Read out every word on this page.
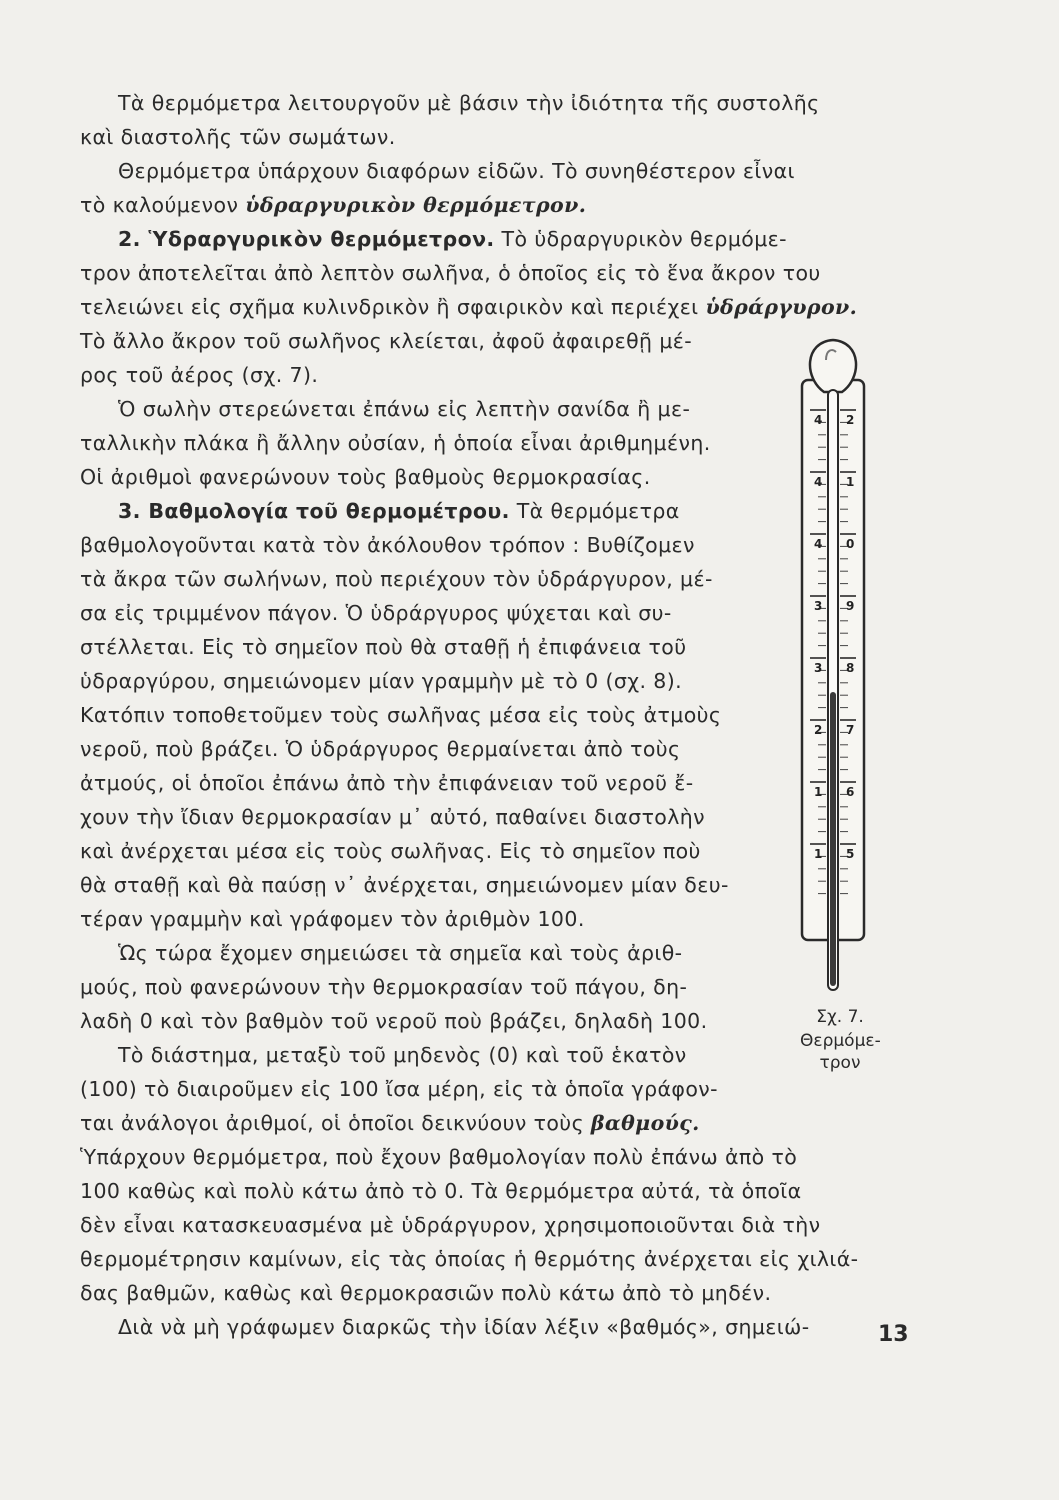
Τὰ θερμόμετρα λειτουργοῦν μὲ βάσιν τὴν ἰδιότητα τῆς συστολῆς
καὶ διαστολῆς τῶν σωμάτων.
Θερμόμετρα ὑπάρχουν διαφόρων εἰδῶν. Τὸ συνηθέστερον εἶναι
τὸ καλούμενον ὑδραργυρικὸν θερμόμετρον.
2. Ὑδραργυρικὸν θερμόμετρον. Τὸ ὑδραργυρικὸν θερμόμε-
τρον ἀποτελεῖται ἀπὸ λεπτὸν σωλῆνα, ὁ ὁποῖος εἰς τὸ ἕνα ἄκρον του
τελειώνει εἰς σχῆμα κυλινδρικὸν ἢ σφαιρικὸν καὶ περιέχει ὑδράργυρον.
Τὸ ἄλλο ἄκρον τοῦ σωλῆνος κλείεται, ἀφοῦ ἀφαιρεθῇ μέ-
ρος τοῦ ἀέρος (σχ. 7).
Ὁ σωλὴν στερεώνεται ἐπάνω εἰς λεπτὴν σανίδα ἢ με-
ταλλικὴν πλάκα ἢ ἄλλην οὐσίαν, ἡ ὁποία εἶναι ἀριθμημένη.
Οἱ ἀριθμοὶ φανερώνουν τοὺς βαθμοὺς θερμοκρασίας.
3. Βαθμολογία τοῦ θερμομέτρου. Τὰ θερμόμετρα
βαθμολογοῦνται κατὰ τὸν ἀκόλουθον τρόπον : Βυθίζομεν
τὰ ἄκρα τῶν σωλήνων, ποὺ περιέχουν τὸν ὑδράργυρον, μέ-
σα εἰς τριμμένον πάγον. Ὁ ὑδράργυρος ψύχεται καὶ συ-
στέλλεται. Εἰς τὸ σημεῖον ποὺ θὰ σταθῇ ἡ ἐπιφάνεια τοῦ
ὑδραργύρου, σημειώνομεν μίαν γραμμὴν μὲ τὸ 0 (σχ. 8).
Κατόπιν τοποθετοῦμεν τοὺς σωλῆνας μέσα εἰς τοὺς ἀτμοὺς
νεροῦ, ποὺ βράζει. Ὁ ὑδράργυρος θερμαίνεται ἀπὸ τοὺς
ἀτμούς, οἱ ὁποῖοι ἐπάνω ἀπὸ τὴν ἐπιφάνειαν τοῦ νεροῦ ἔ-
χουν τὴν ἴδιαν θερμοκρασίαν μ᾽ αὐτό, παθαίνει διαστολὴν
καὶ ἀνέρχεται μέσα εἰς τοὺς σωλῆνας. Εἰς τὸ σημεῖον ποὺ
θὰ σταθῇ καὶ θὰ παύσῃ ν᾽ ἀνέρχεται, σημειώνομεν μίαν δευ-
τέραν γραμμὴν καὶ γράφομεν τὸν ἀριθμὸν 100.
Ὡς τώρα ἔχομεν σημειώσει τὰ σημεῖα καὶ τοὺς ἀριθ-
μούς, ποὺ φανερώνουν τὴν θερμοκρασίαν τοῦ πάγου, δη-
λαδὴ 0 καὶ τὸν βαθμὸν τοῦ νεροῦ ποὺ βράζει, δηλαδὴ 100.
Τὸ διάστημα, μεταξὺ τοῦ μηδενὸς (0) καὶ τοῦ ἑκατὸν
(100) τὸ διαιροῦμεν εἰς 100 ἴσα μέρη, εἰς τὰ ὁποῖα γράφον-
ται ἀνάλογοι ἀριθμοί, οἱ ὁποῖοι δεικνύουν τοὺς βαθμούς.
Ὑπάρχουν θερμόμετρα, ποὺ ἔχουν βαθμολογίαν πολὺ ἐπάνω ἀπὸ τὸ
100 καθὼς καὶ πολὺ κάτω ἀπὸ τὸ 0. Τὰ θερμόμετρα αὐτά, τὰ ὁποῖα
δὲν εἶναι κατασκευασμένα μὲ ὑδράργυρον, χρησιμοποιοῦνται διὰ τὴν
θερμομέτρησιν καμίνων, εἰς τὰς ὁποίας ἡ θερμότης ἀνέρχεται εἰς χιλιά-
δας βαθμῶν, καθὼς καὶ θερμοκρασιῶν πολὺ κάτω ἀπὸ τὸ μηδέν.
Διὰ νὰ μὴ γράφωμεν διαρκῶς τὴν ἰδίαν λέξιν «βαθμός», σημειώ-
4
4
4
3
3
2
1
1
2
1
0
9
8
7
6
5
Σχ. 7.
Θερμόμε-
τρον
13
